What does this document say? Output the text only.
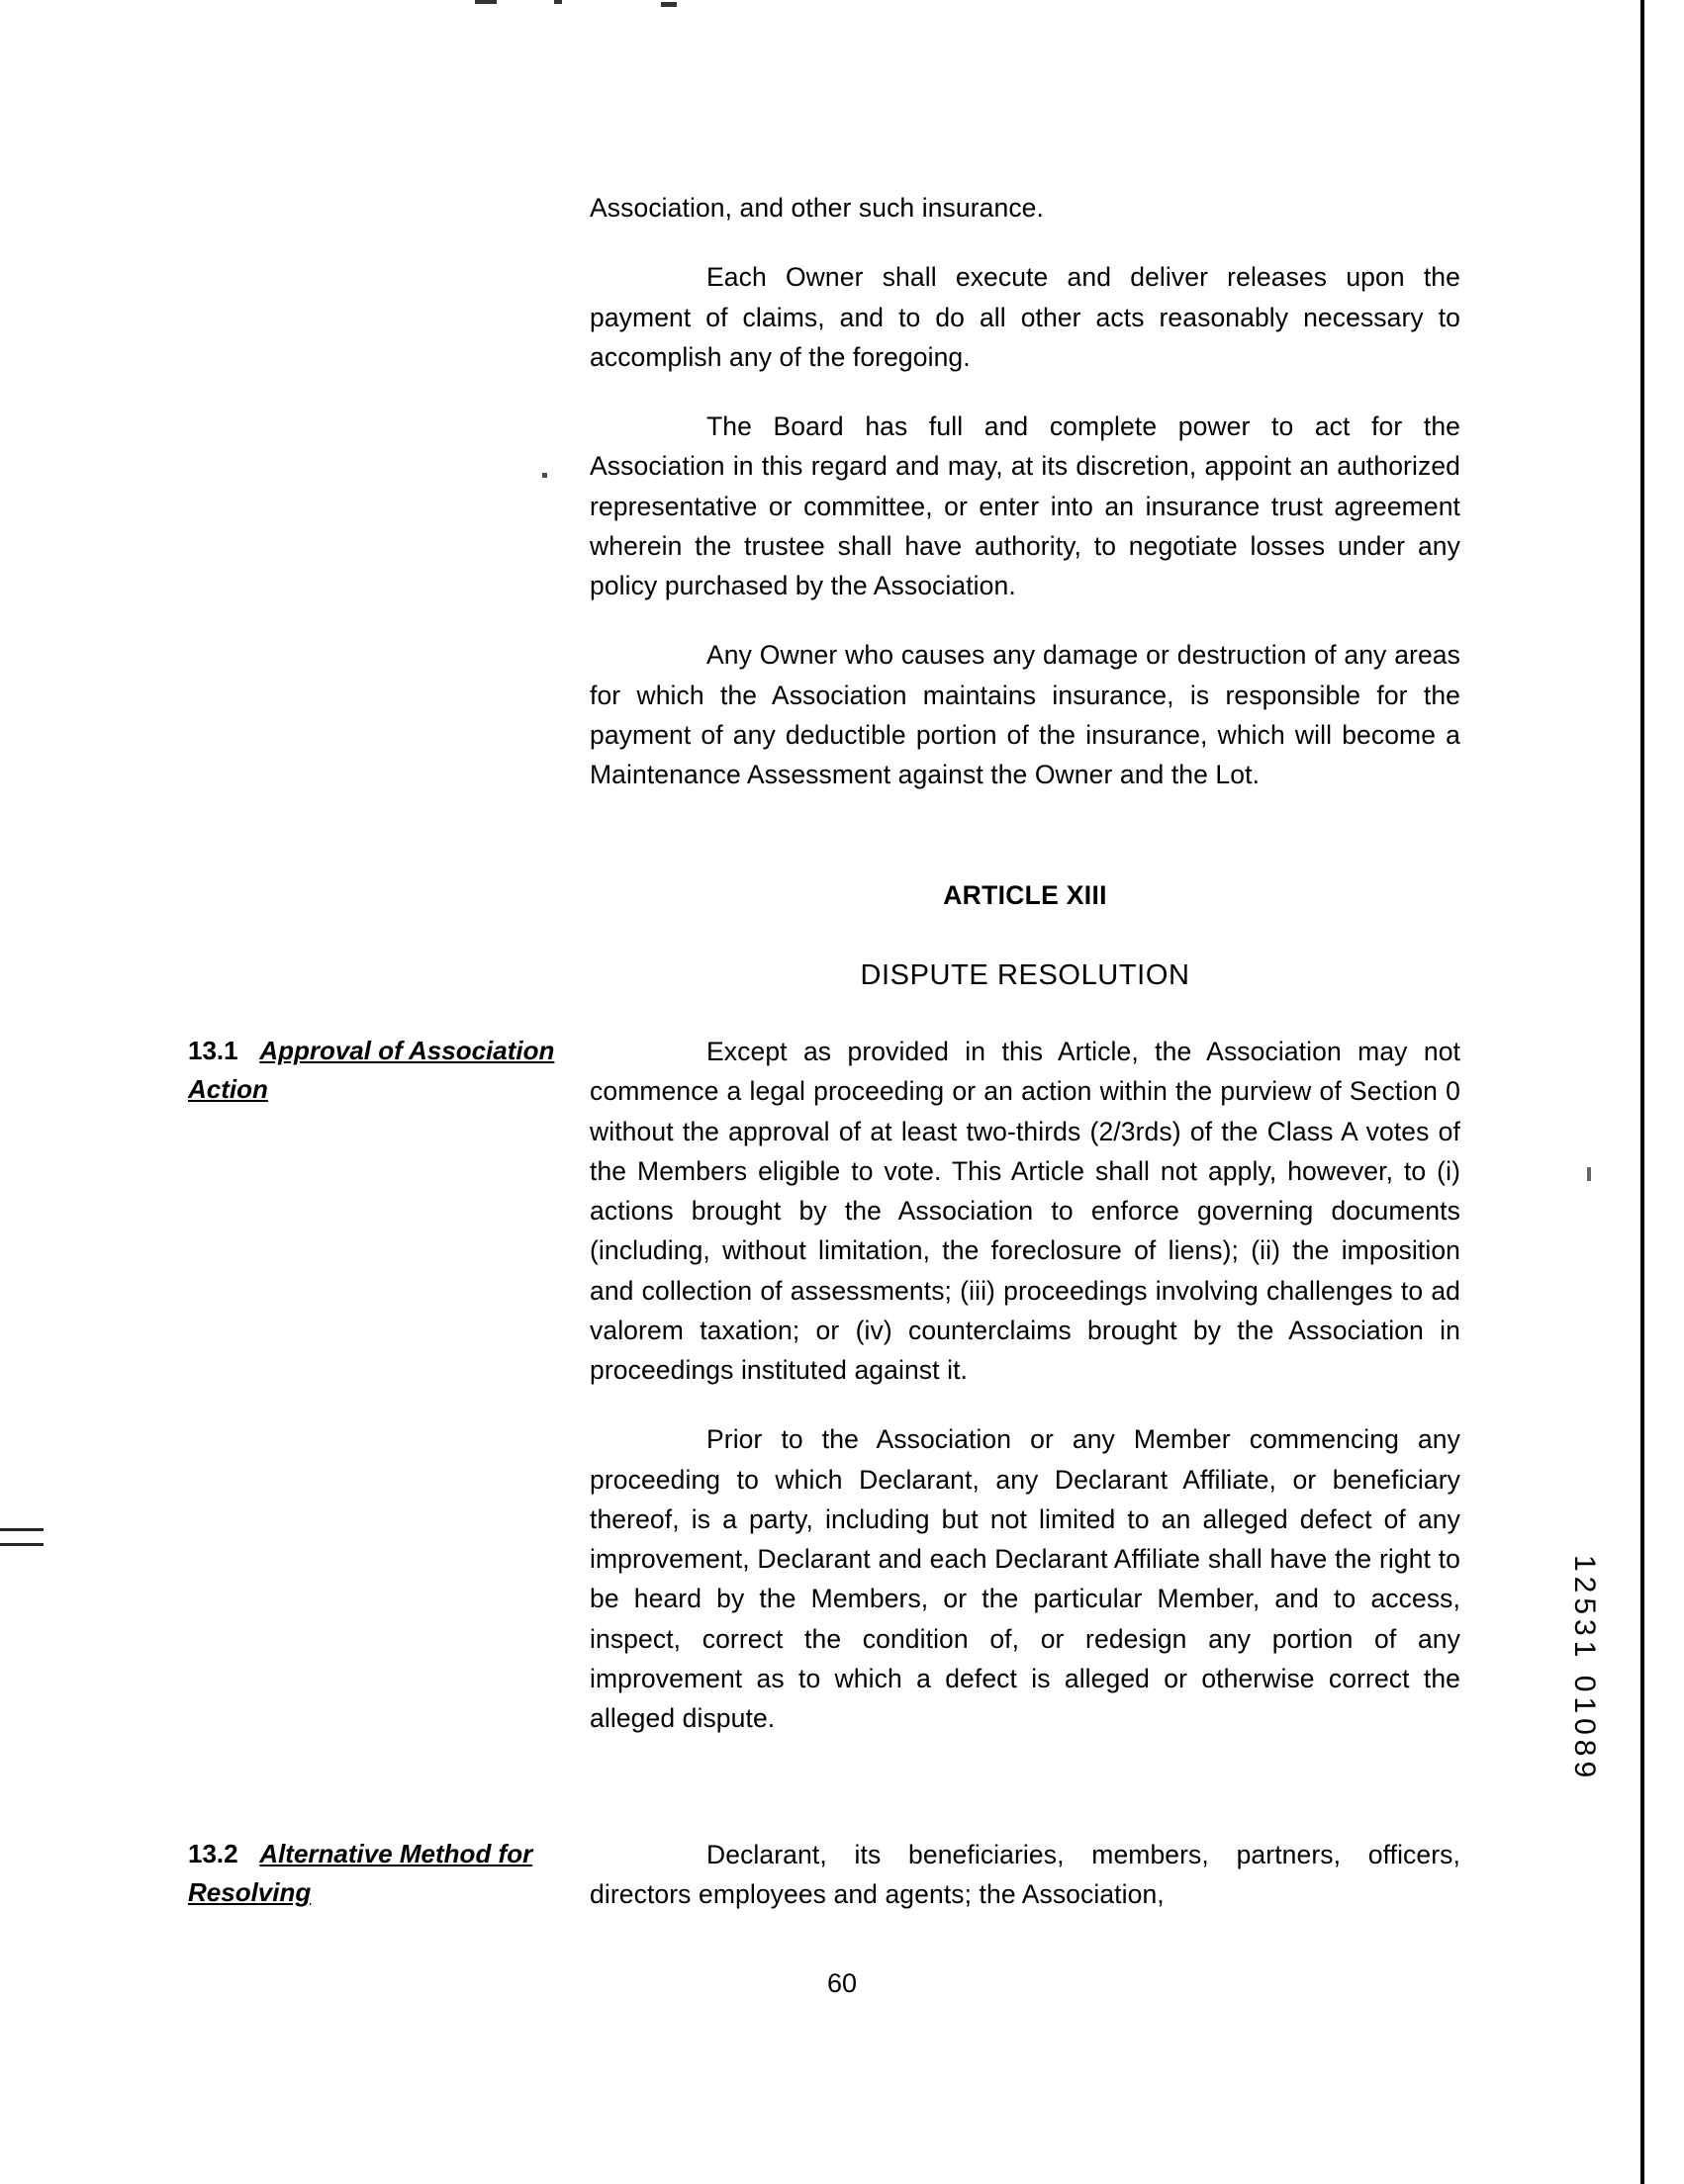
Association, and other such insurance.

Each Owner shall execute and deliver releases upon the payment of claims, and to do all other acts reasonably necessary to accomplish any of the foregoing.

The Board has full and complete power to act for the Association in this regard and may, at its discretion, appoint an authorized representative or committee, or enter into an insurance trust agreement wherein the trustee shall have authority, to negotiate losses under any policy purchased by the Association.

Any Owner who causes any damage or destruction of any areas for which the Association maintains insurance, is responsible for the payment of any deductible portion of the insurance, which will become a Maintenance Assessment against the Owner and the Lot.

ARTICLE XIII
DISPUTE RESOLUTION
13.1 Approval of Association Action

Except as provided in this Article, the Association may not commence a legal proceeding or an action within the purview of Section 0 without the approval of at least two-thirds (2/3rds) of the Class A votes of the Members eligible to vote. This Article shall not apply, however, to (i) actions brought by the Association to enforce governing documents (including, without limitation, the foreclosure of liens); (ii) the imposition and collection of assessments; (iii) proceedings involving challenges to ad valorem taxation; or (iv) counterclaims brought by the Association in proceedings instituted against it.

Prior to the Association or any Member commencing any proceeding to which Declarant, any Declarant Affiliate, or beneficiary thereof, is a party, including but not limited to an alleged defect of any improvement, Declarant and each Declarant Affiliate shall have the right to be heard by the Members, or the particular Member, and to access, inspect, correct the condition of, or redesign any portion of any improvement as to which a defect is alleged or otherwise correct the alleged dispute.

13.2 Alternative Method for Resolving

Declarant, its beneficiaries, members, partners, officers, directors employees and agents; the Association,

12531 01089
60
